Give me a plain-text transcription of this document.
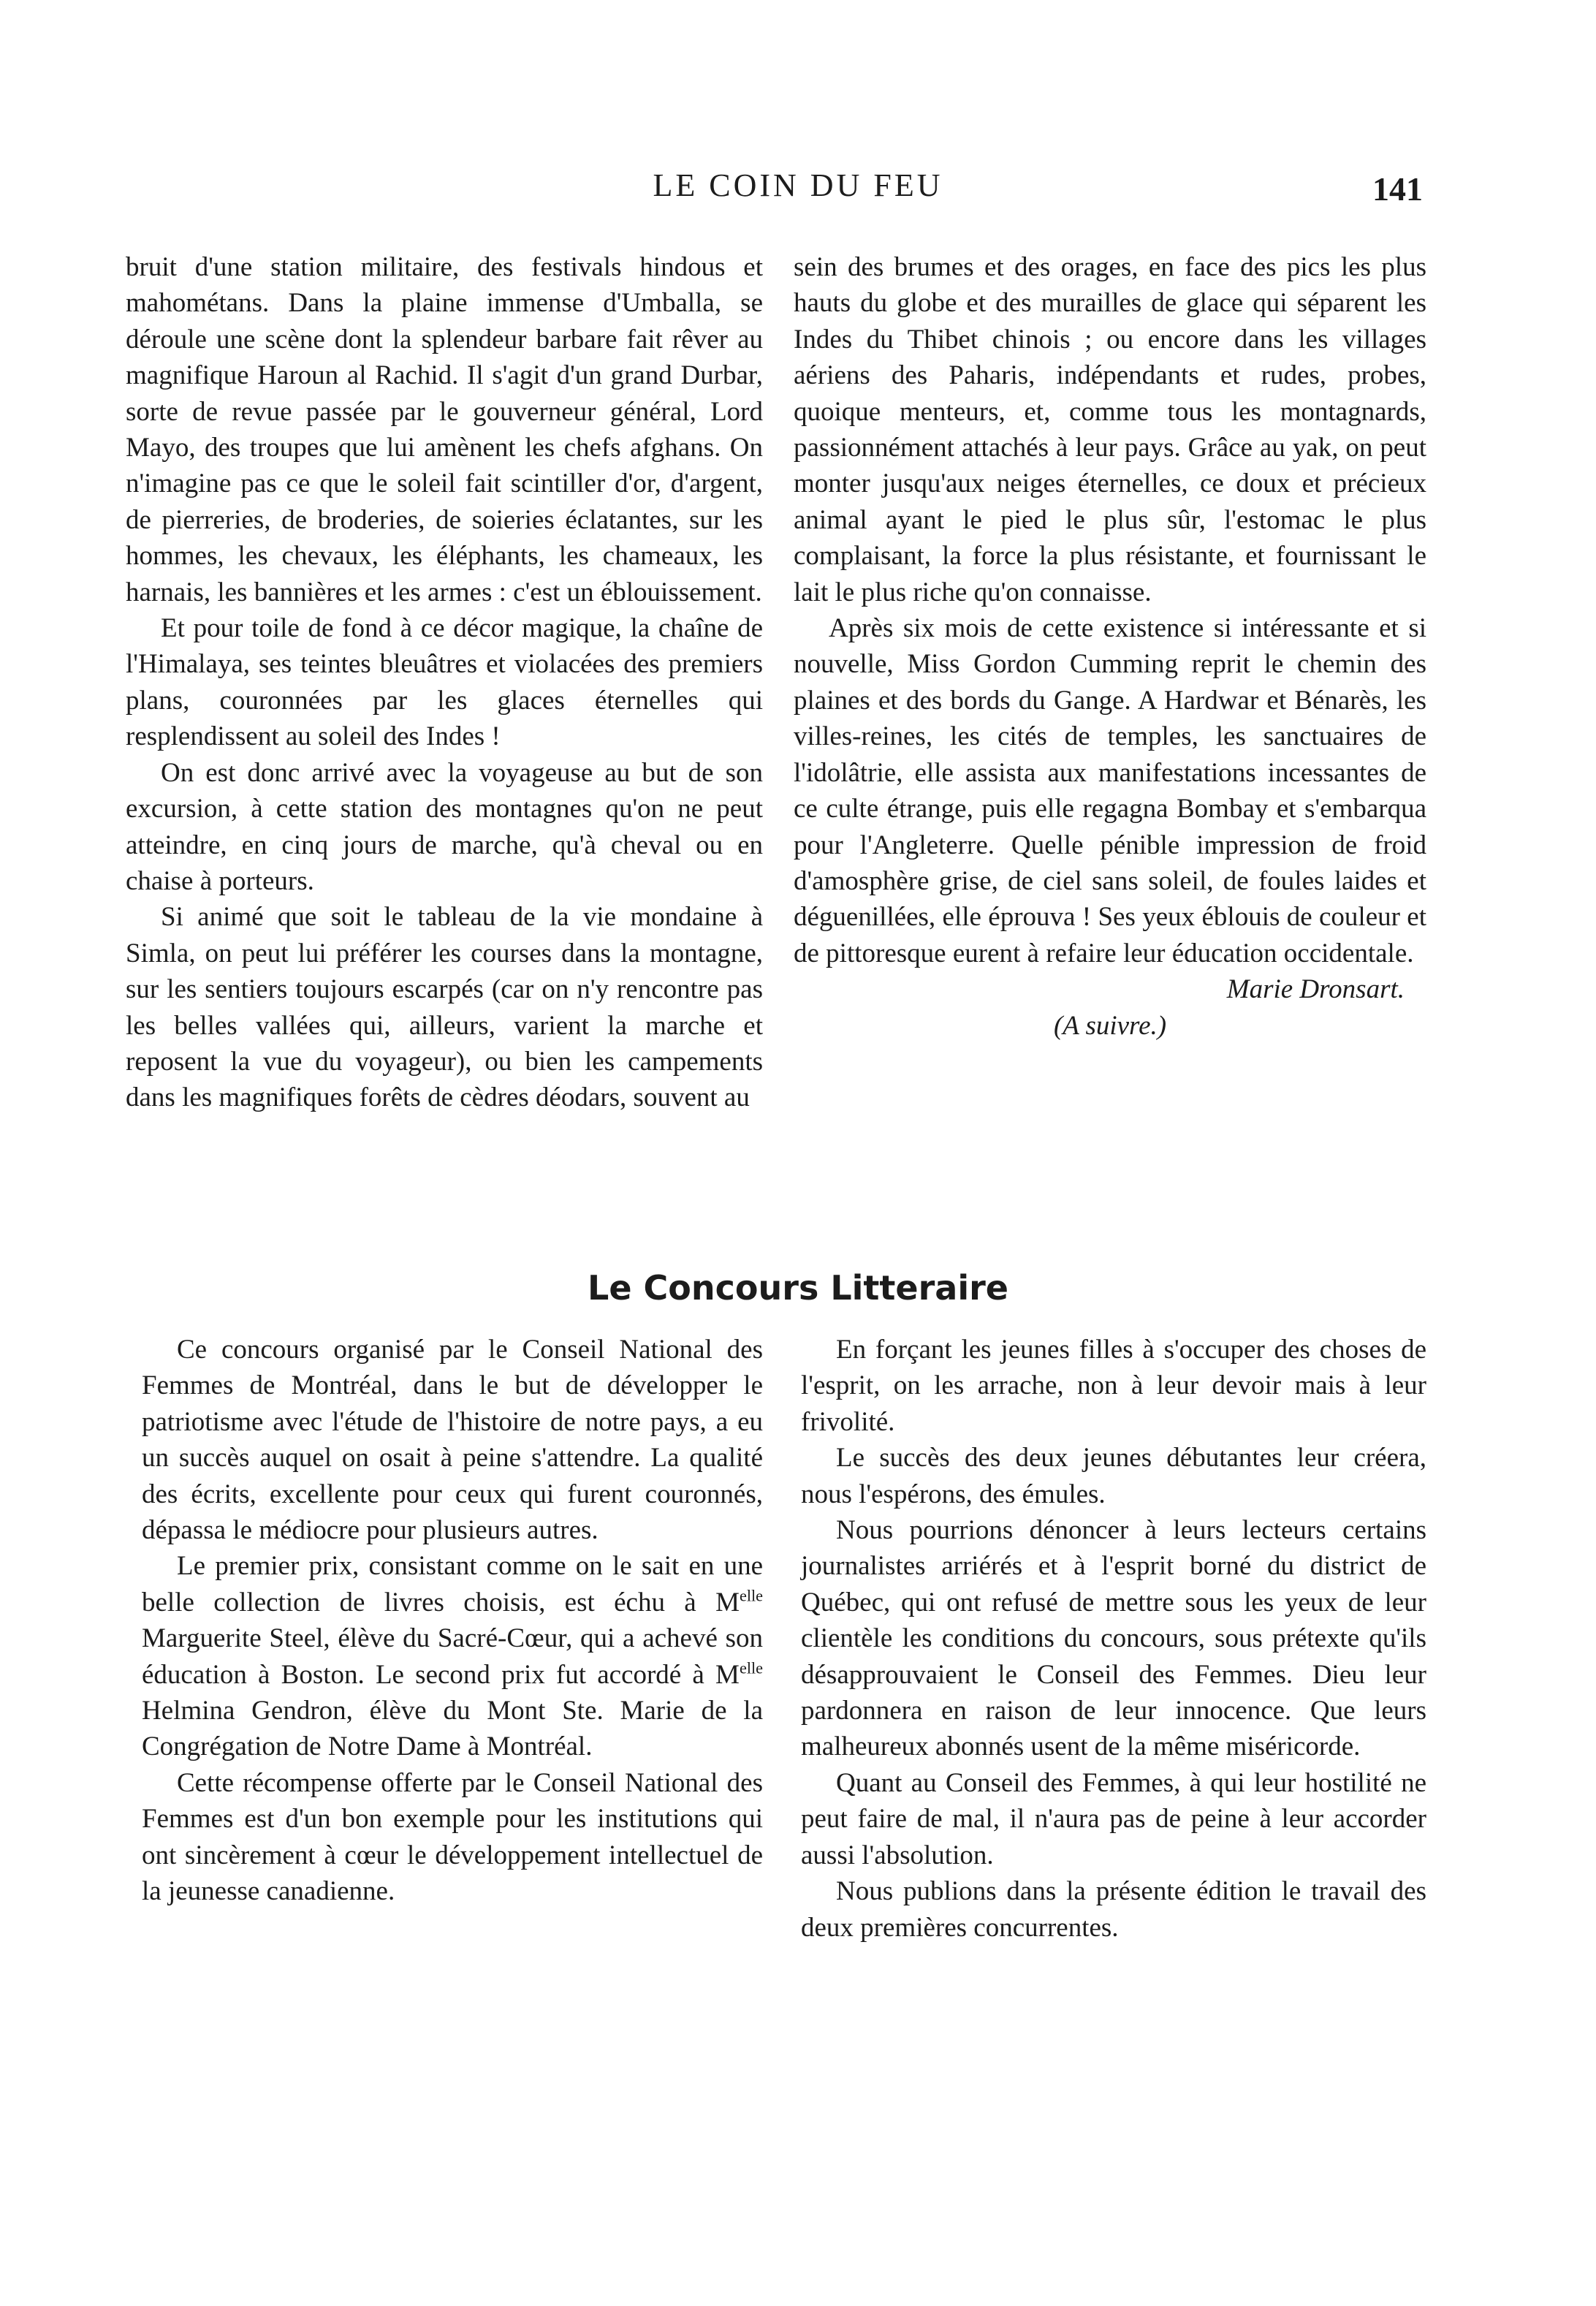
LE COIN DU FEU	141

bruit d'une station militaire, des festivals hindous et mahométans. Dans la plaine immense d'Umballa, se déroule une scène dont la splendeur barbare fait rêver au magnifique Haroun al Rachid. Il s'agit d'un grand Durbar, sorte de revue passée par le gouverneur général, Lord Mayo, des troupes que lui amènent les chefs afghans. On n'imagine pas ce que le soleil fait scintiller d'or, d'argent, de pierreries, de broderies, de soieries éclatantes, sur les hommes, les chevaux, les éléphants, les chameaux, les harnais, les bannières et les armes : c'est un éblouissement.

Et pour toile de fond à ce décor magique, la chaîne de l'Himalaya, ses teintes bleuâtres et violacées des premiers plans, couronnées par les glaces éternelles qui resplendissent au soleil des Indes !

On est donc arrivé avec la voyageuse au but de son excursion, à cette station des montagnes qu'on ne peut atteindre, en cinq jours de marche, qu'à cheval ou en chaise à porteurs.

Si animé que soit le tableau de la vie mondaine à Simla, on peut lui préférer les courses dans la montagne, sur les sentiers toujours escarpés (car on n'y rencontre pas les belles vallées qui, ailleurs, varient la marche et reposent la vue du voyageur), ou bien les campements dans les magnifiques forêts de cèdres déodars, souvent au

sein des brumes et des orages, en face des pics les plus hauts du globe et des murailles de glace qui séparent les Indes du Thibet chinois ; ou encore dans les villages aériens des Paharis, indépendants et rudes, probes, quoique menteurs, et, comme tous les montagnards, passionnément attachés à leur pays. Grâce au yak, on peut monter jusqu'aux neiges éternelles, ce doux et précieux animal ayant le pied le plus sûr, l'estomac le plus complaisant, la force la plus résistante, et fournissant le lait le plus riche qu'on connaisse.

Après six mois de cette existence si intéressante et si nouvelle, Miss Gordon Cumming reprit le chemin des plaines et des bords du Gange. A Hardwar et Bénarès, les villes-reines, les cités de temples, les sanctuaires de l'idolâtrie, elle assista aux manifestations incessantes de ce culte étrange, puis elle regagna Bombay et s'embarqua pour l'Angleterre. Quelle pénible impression de froid d'amosphère grise, de ciel sans soleil, de foules laides et déguenillées, elle éprouva ! Ses yeux éblouis de couleur et de pittoresque eurent à refaire leur éducation occidentale.

Marie Dronsart.

(A suivre.)

Le Concours Litteraire

Ce concours organisé par le Conseil National des Femmes de Montréal, dans le but de développer le patriotisme avec l'étude de l'histoire de notre pays, a eu un succès auquel on osait à peine s'attendre. La qualité des écrits, excellente pour ceux qui furent couronnés, dépassa le médiocre pour plusieurs autres.

Le premier prix, consistant comme on le sait en une belle collection de livres choisis, est échu à $M^{elle}$ Marguerite Steel, élève du Sacré-Cœur, qui a achevé son éducation à Boston. Le second prix fut accordé à $M^{elle}$ Helmina Gendron, élève du Mont Ste. Marie de la Congrégation de Notre Dame à Montréal.

Cette récompense offerte par le Conseil National des Femmes est d'un bon exemple pour les institutions qui ont sincèrement à cœur le développement intellectuel de la jeunesse canadienne.

En forçant les jeunes filles à s'occuper des choses de l'esprit, on les arrache, non à leur devoir mais à leur frivolité.

Le succès des deux jeunes débutantes leur créera, nous l'espérons, des émules.

Nous pourrions dénoncer à leurs lecteurs certains journalistes arriérés et à l'esprit borné du district de Québec, qui ont refusé de mettre sous les yeux de leur clientèle les conditions du concours, sous prétexte qu'ils désapprouvaient le Conseil des Femmes. Dieu leur pardonnera en raison de leur innocence. Que leurs malheureux abonnés usent de la même miséricorde.

Quant au Conseil des Femmes, à qui leur hostilité ne peut faire de mal, il n'aura pas de peine à leur accorder aussi l'absolution.

Nous publions dans la présente édition le travail des deux premières concurrentes.
